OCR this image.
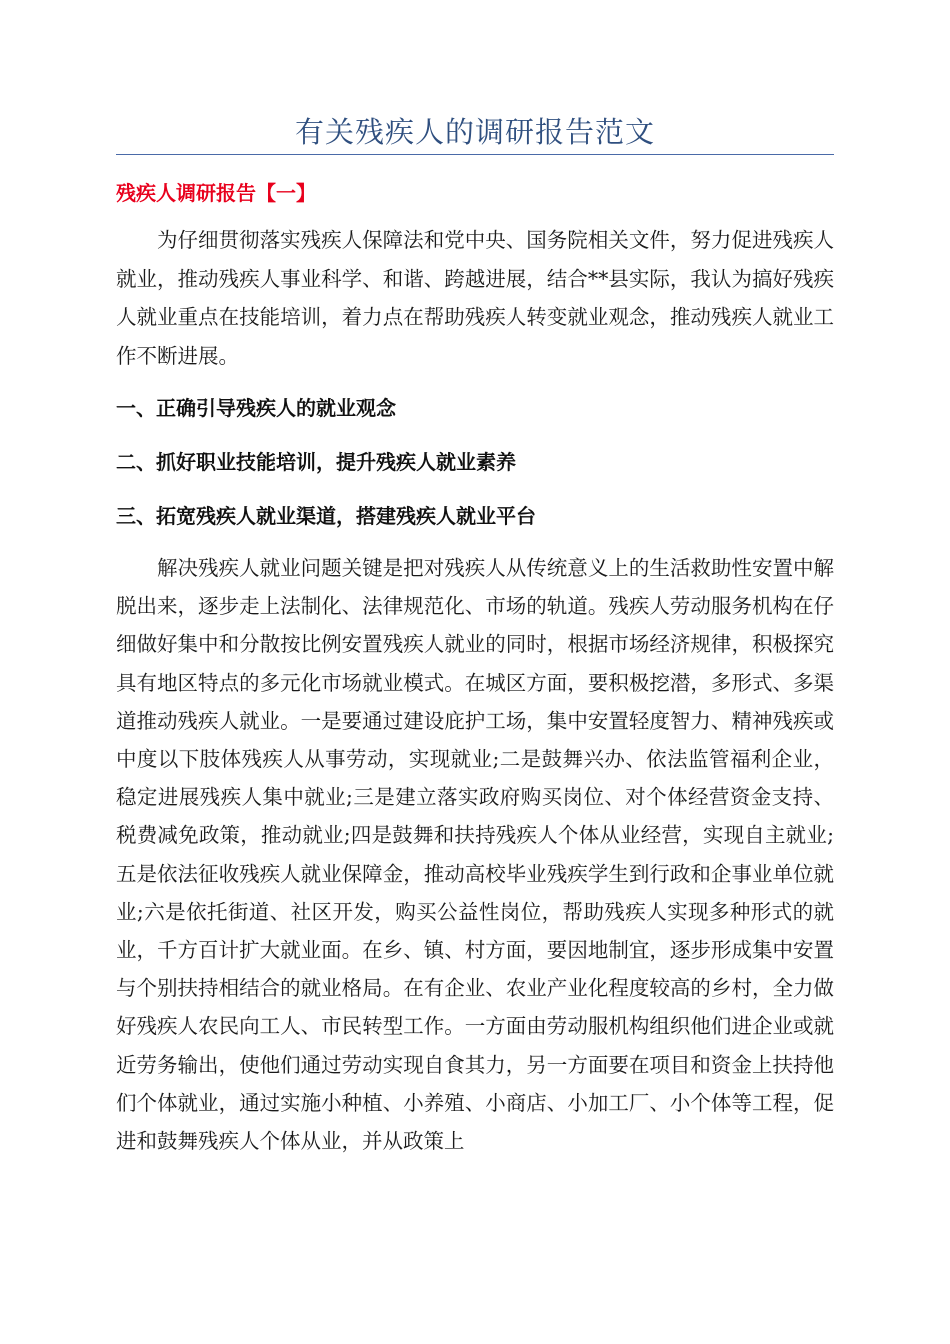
有关残疾人的调研报告范文
残疾人调研报告【一】

为仔细贯彻落实残疾人保障法和党中央、国务院相关文件，努力促进残疾人就业，推动残疾人事业科学、和谐、跨越进展，结合**县实际，我认为搞好残疾人就业重点在技能培训，着力点在帮助残疾人转变就业观念，推动残疾人就业工作不断进展。

一、正确引导残疾人的就业观念
二、抓好职业技能培训，提升残疾人就业素养
三、拓宽残疾人就业渠道，搭建残疾人就业平台

解决残疾人就业问题关键是把对残疾人从传统意义上的生活救助性安置中解脱出来，逐步走上法制化、法律规范化、市场的轨道。残疾人劳动服务机构在仔细做好集中和分散按比例安置残疾人就业的同时，根据市场经济规律，积极探究具有地区特点的多元化市场就业模式。在城区方面，要积极挖潜，多形式、多渠道推动残疾人就业。一是要通过建设庇护工场，集中安置轻度智力、精神残疾或中度以下肢体残疾人从事劳动，实现就业;二是鼓舞兴办、依法监管福利企业，稳定进展残疾人集中就业;三是建立落实政府购买岗位、对个体经营资金支持、税费减免政策，推动就业;四是鼓舞和扶持残疾人个体从业经营，实现自主就业;五是依法征收残疾人就业保障金，推动高校毕业残疾学生到行政和企事业单位就业;六是依托街道、社区开发，购买公益性岗位，帮助残疾人实现多种形式的就业，千方百计扩大就业面。在乡、镇、村方面，要因地制宜，逐步形成集中安置与个别扶持相结合的就业格局。在有企业、农业产业化程度较高的乡村，全力做好残疾人农民向工人、市民转型工作。一方面由劳动服机构组织他们进企业或就近劳务输出，使他们通过劳动实现自食其力，另一方面要在项目和资金上扶持他们个体就业，通过实施小种植、小养殖、小商店、小加工厂、小个体等工程，促进和鼓舞残疾人个体从业，并从政策上
